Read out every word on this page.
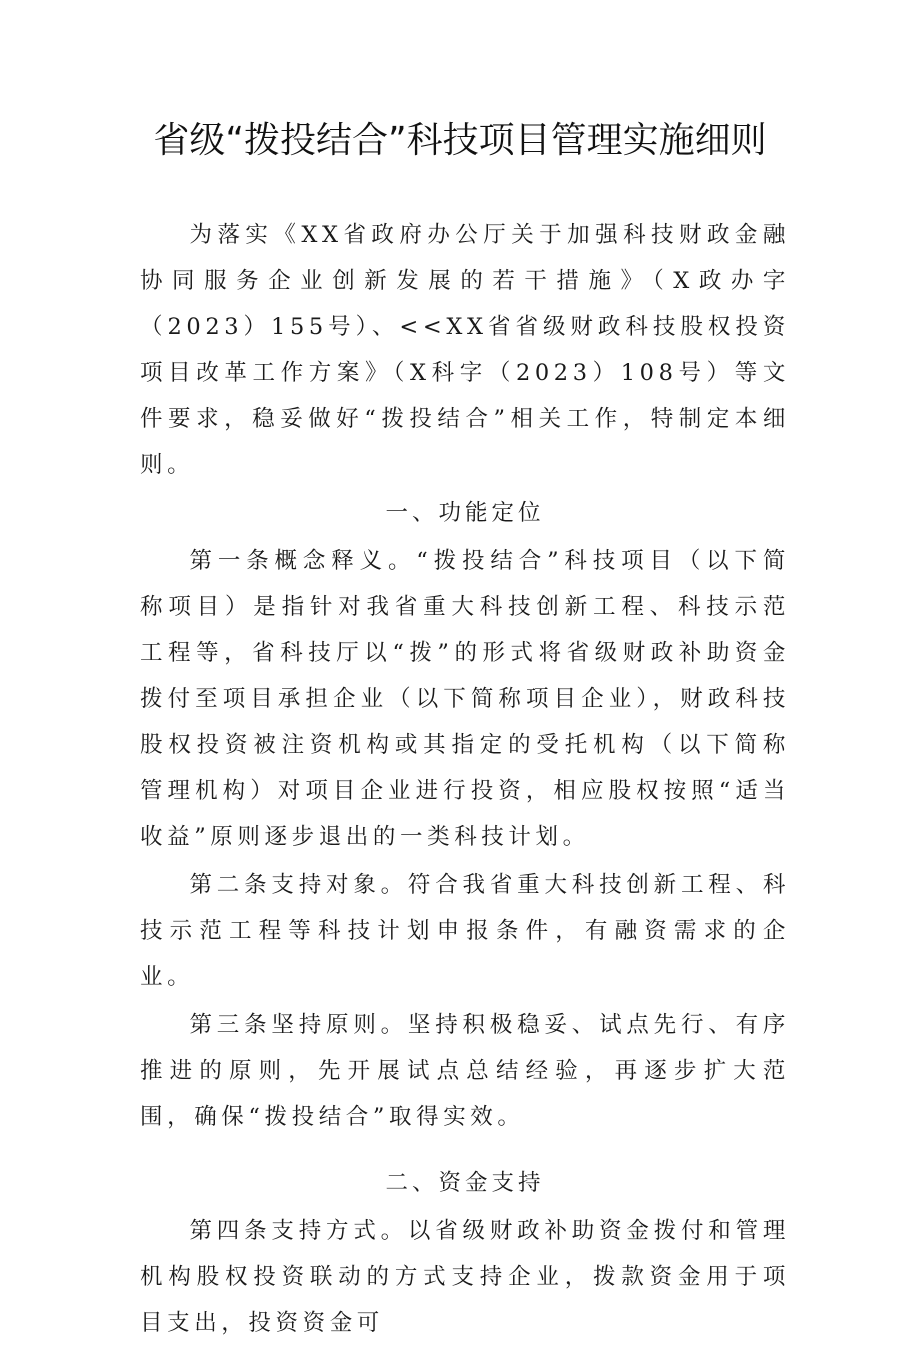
省级“拨投结合”科技项目管理实施细则

为落实《XX省政府办公厅关于加强科技财政金融协同服务企业创新发展的若干措施》（X政办字（2023）155号）、<<XX省省级财政科技股权投资项目改革工作方案》（X科字（2023）108号）等文件要求，稳妥做好“拨投结合”相关工作，特制定本细则。

一、功能定位

第一条概念释义。“拨投结合”科技项目（以下简称项目）是指针对我省重大科技创新工程、科技示范工程等，省科技厅以“拨”的形式将省级财政补助资金拨付至项目承担企业（以下简称项目企业），财政科技股权投资被注资机构或其指定的受托机构（以下简称管理机构）对项目企业进行投资，相应股权按照“适当收益”原则逐步退出的一类科技计划。

第二条支持对象。符合我省重大科技创新工程、科技示范工程等科技计划申报条件，有融资需求的企业。

第三条坚持原则。坚持积极稳妥、试点先行、有序推进的原则，先开展试点总结经验，再逐步扩大范围，确保“拨投结合”取得实效。

二、资金支持

第四条支持方式。以省级财政补助资金拨付和管理机构股权投资联动的方式支持企业，拨款资金用于项目支出，投资资金可
